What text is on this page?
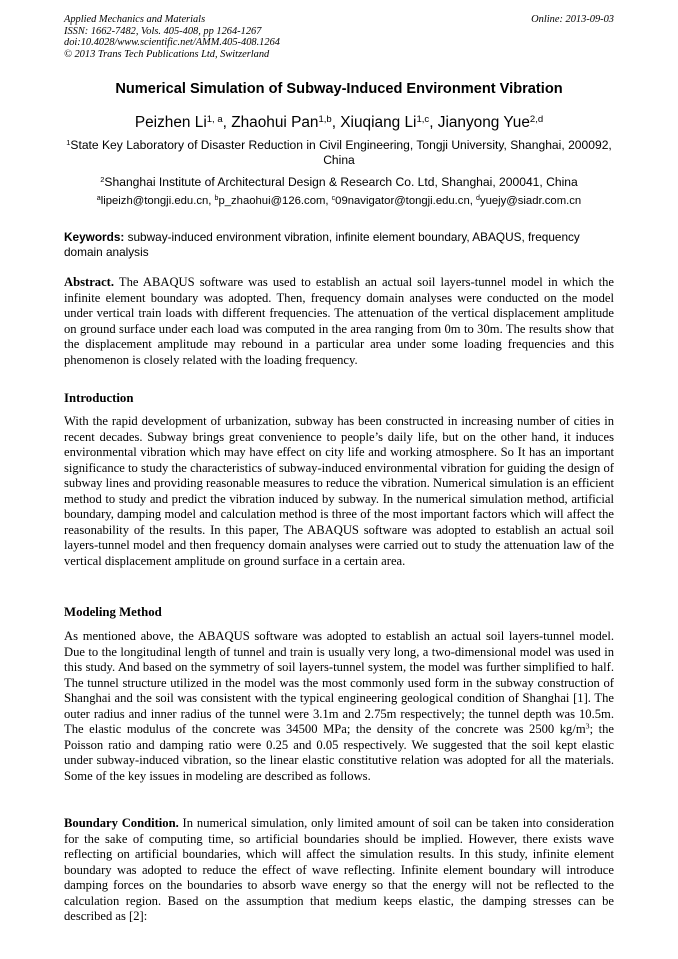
Applied Mechanics and Materials
ISSN: 1662-7482, Vols. 405-408, pp 1264-1267
doi:10.4028/www.scientific.net/AMM.405-408.1264
© 2013 Trans Tech Publications Ltd, Switzerland
Online: 2013-09-03
Numerical Simulation of Subway-Induced Environment Vibration

Peizhen Li$^{1, a}$, Zhaohui Pan$^{1,b}$, Xiuqiang Li$^{1,c}$, Jianyong Yue$^{2,d}$

$^1$State Key Laboratory of Disaster Reduction in Civil Engineering, Tongji University, Shanghai, 200092, China

$^2$Shanghai Institute of Architectural Design & Research Co. Ltd, Shanghai, 200041, China

$^a$lipeizh@tongji.edu.cn, $^b$p_zhaohui@126.com, $^c$09navigator@tongji.edu.cn, $^d$yuejy@siadr.com.cn

Keywords: subway-induced environment vibration, infinite element boundary, ABAQUS, frequency domain analysis

Abstract. The ABAQUS software was used to establish an actual soil layers-tunnel model in which the infinite element boundary was adopted. Then, frequency domain analyses were conducted on the model under vertical train loads with different frequencies. The attenuation of the vertical displacement amplitude on ground surface under each load was computed in the area ranging from 0m to 30m. The results show that the displacement amplitude may rebound in a particular area under some loading frequencies and this phenomenon is closely related with the loading frequency.

Introduction

With the rapid development of urbanization, subway has been constructed in increasing number of cities in recent decades. Subway brings great convenience to people’s daily life, but on the other hand, it induces environmental vibration which may have effect on city life and working atmosphere. So It has an important significance to study the characteristics of subway-induced environmental vibration for guiding the design of subway lines and providing reasonable measures to reduce the vibration. Numerical simulation is an efficient method to study and predict the vibration induced by subway. In the numerical simulation method, artificial boundary, damping model and calculation method is three of the most important factors which will affect the reasonability of the results. In this paper, The ABAQUS software was adopted to establish an actual soil layers-tunnel model and then frequency domain analyses were carried out to study the attenuation law of the vertical displacement amplitude on ground surface in a certain area.

Modeling Method

As mentioned above, the ABAQUS software was adopted to establish an actual soil layers-tunnel model. Due to the longitudinal length of tunnel and train is usually very long, a two-dimensional model was used in this study. And based on the symmetry of soil layers-tunnel system, the model was further simplified to half. The tunnel structure utilized in the model was the most commonly used form in the subway construction of Shanghai and the soil was consistent with the typical engineering geological condition of Shanghai [1]. The outer radius and inner radius of the tunnel were 3.1m and 2.75m respectively; the tunnel depth was 10.5m. The elastic modulus of the concrete was 34500 MPa; the density of the concrete was 2500 $kg/m^3$; the Poisson ratio and damping ratio were 0.25 and 0.05 respectively. We suggested that the soil kept elastic under subway-induced vibration, so the linear elastic constitutive relation was adopted for all the materials. Some of the key issues in modeling are described as follows.

Boundary Condition. In numerical simulation, only limited amount of soil can be taken into consideration for the sake of computing time, so artificial boundaries should be implied. However, there exists wave reflecting on artificial boundaries, which will affect the simulation results. In this study, infinite element boundary was adopted to reduce the effect of wave reflecting. Infinite element boundary will introduce damping forces on the boundaries to absorb wave energy so that the energy will not be reflected to the calculation region. Based on the assumption that medium keeps elastic, the damping stresses can be described as [2]:
